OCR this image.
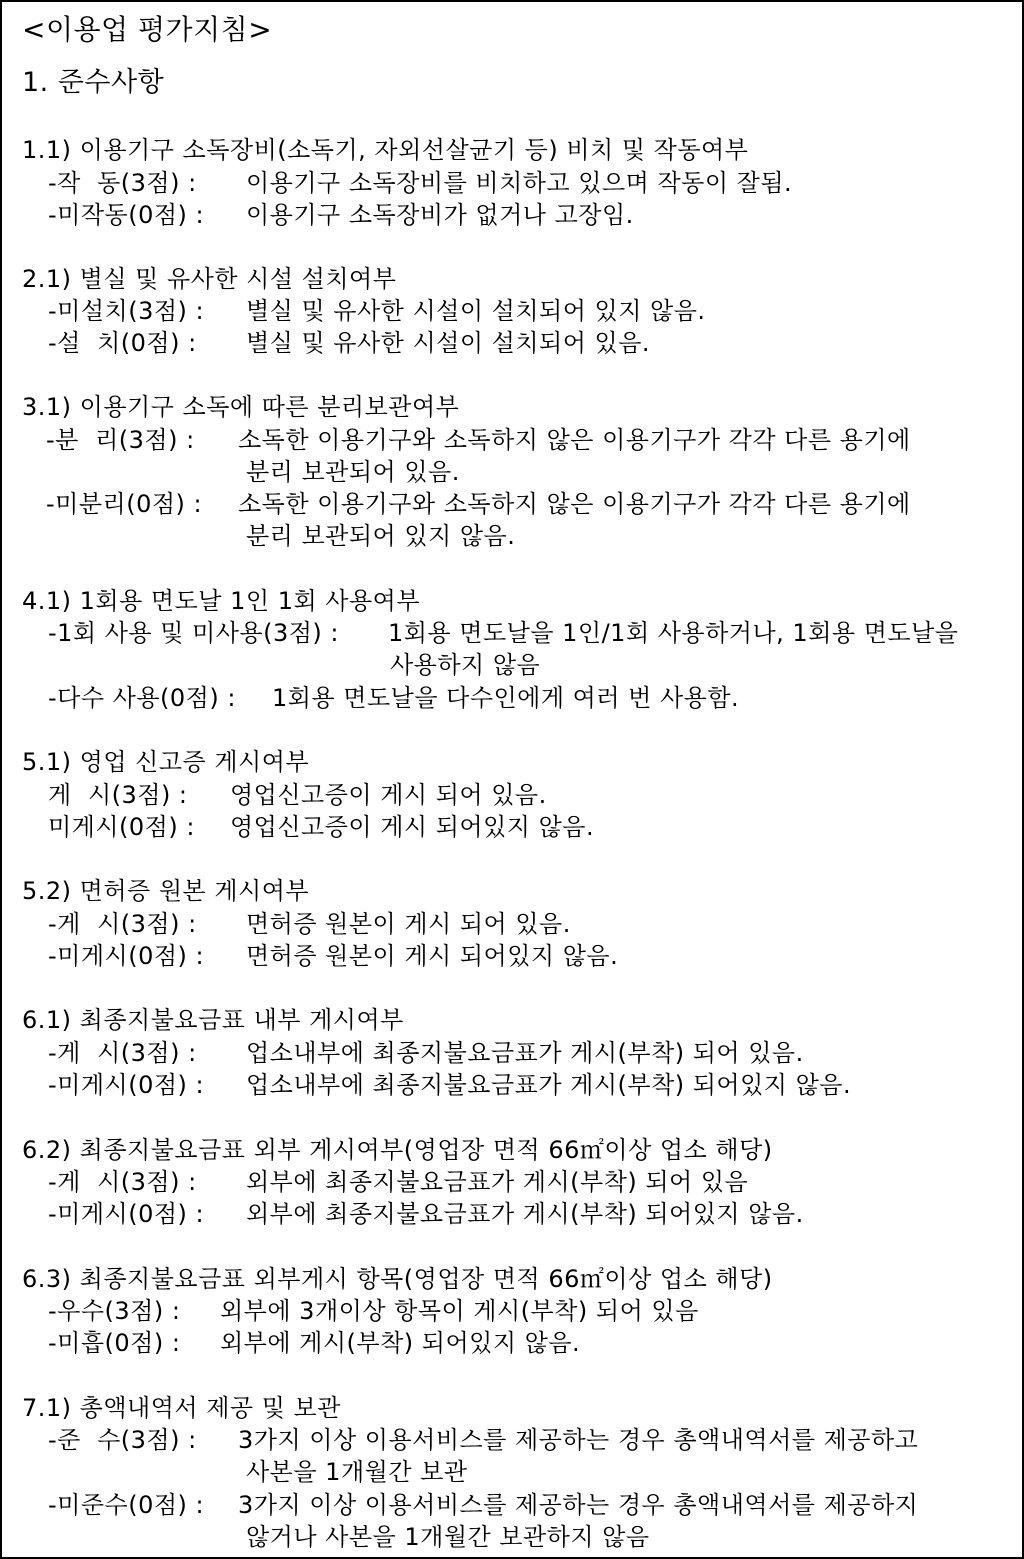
<이용업 평가지침>
1. 준수사항
1.1) 이용기구 소독장비(소독기, 자외선살균기 등) 비치 및 작동여부
-작  동(3점) : 이용기구 소독장비를 비치하고 있으며 작동이 잘됨.
-미작동(0점) : 이용기구 소독장비가 없거나 고장임.
2.1) 별실 및 유사한 시설 설치여부
-미설치(3점) : 별실 및 유사한 시설이 설치되어 있지 않음.
-설  치(0점) : 별실 및 유사한 시설이 설치되어 있음.
3.1) 이용기구 소독에 따른 분리보관여부
-분  리(3점) : 소독한 이용기구와 소독하지 않은 이용기구가 각각 다른 용기에
분리 보관되어 있음.
-미분리(0점) : 소독한 이용기구와 소독하지 않은 이용기구가 각각 다른 용기에
분리 보관되어 있지 않음.
4.1) 1회용 면도날 1인 1회 사용여부
-1회 사용 및 미사용(3점) : 1회용 면도날을 1인/1회 사용하거나, 1회용 면도날을
사용하지 않음
-다수 사용(0점) : 1회용 면도날을 다수인에게 여러 번 사용함.
5.1) 영업 신고증 게시여부
게  시(3점) : 영업신고증이 게시 되어 있음.
미게시(0점) : 영업신고증이 게시 되어있지 않음.
5.2) 면허증 원본 게시여부
-게  시(3점) : 면허증 원본이 게시 되어 있음.
-미게시(0점) : 면허증 원본이 게시 되어있지 않음.
6.1) 최종지불요금표 내부 게시여부
-게  시(3점) : 업소내부에 최종지불요금표가 게시(부착) 되어 있음.
-미게시(0점) : 업소내부에 최종지불요금표가 게시(부착) 되어있지 않음.
6.2) 최종지불요금표 외부 게시여부(영업장 면적 66㎡이상 업소 해당)
-게  시(3점) : 외부에 최종지불요금표가 게시(부착) 되어 있음
-미게시(0점) : 외부에 최종지불요금표가 게시(부착) 되어있지 않음.
6.3) 최종지불요금표 외부게시 항목(영업장 면적 66㎡이상 업소 해당)
-우수(3점) : 외부에 3개이상 항목이 게시(부착) 되어 있음
-미흡(0점) : 외부에 게시(부착) 되어있지 않음.
7.1) 총액내역서 제공 및 보관
-준  수(3점) : 3가지 이상 이용서비스를 제공하는 경우 총액내역서를 제공하고
사본을 1개월간 보관
-미준수(0점) : 3가지 이상 이용서비스를 제공하는 경우 총액내역서를 제공하지
않거나 사본을 1개월간 보관하지 않음
